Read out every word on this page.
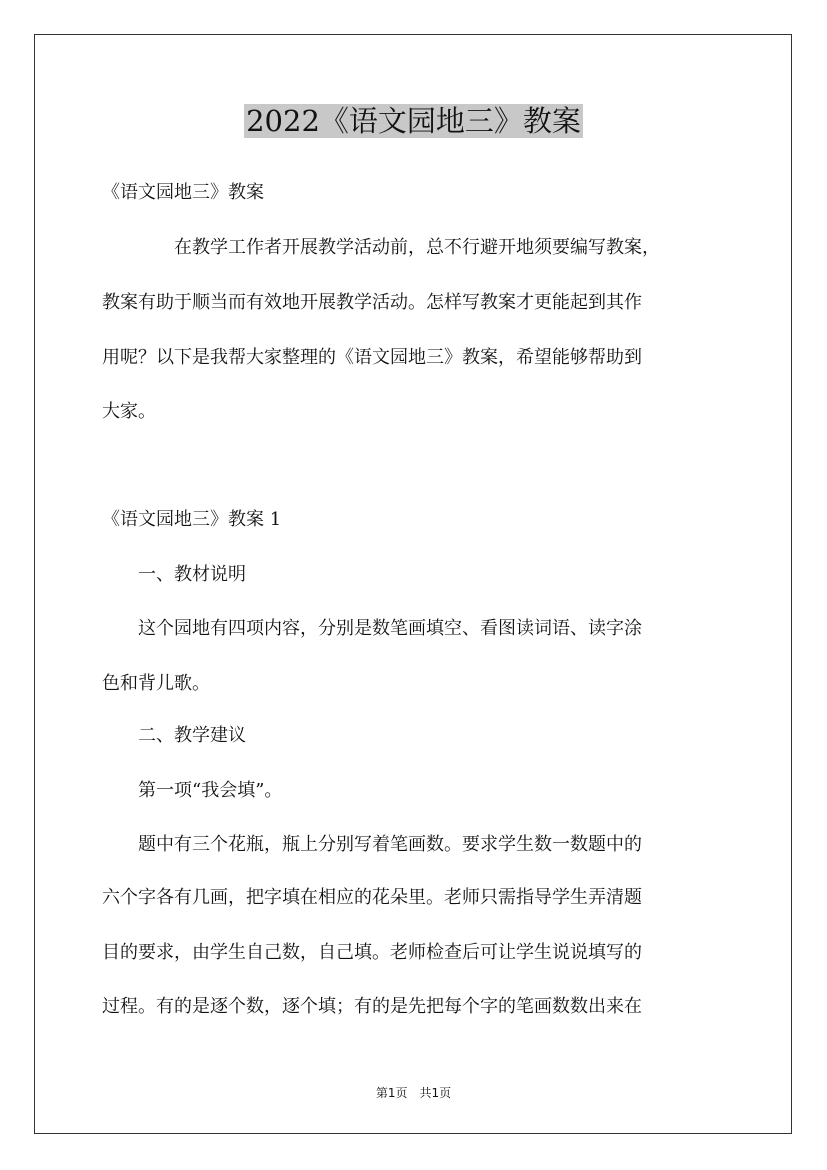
2022《语文园地三》教案
《语文园地三》教案
　　　　在教学工作者开展教学活动前，总不行避开地须要编写教案，
教案有助于顺当而有效地开展教学活动。怎样写教案才更能起到其作
用呢？以下是我帮大家整理的《语文园地三》教案，希望能够帮助到
大家。
《语文园地三》教案 1
　　一、教材说明
　　这个园地有四项内容，分别是数笔画填空、看图读词语、读字涂
色和背儿歌。
　　二、教学建议
　　第一项“我会填”。
　　题中有三个花瓶，瓶上分别写着笔画数。要求学生数一数题中的
六个字各有几画，把字填在相应的花朵里。老师只需指导学生弄清题
目的要求，由学生自己数，自己填。老师检查后可让学生说说填写的
过程。有的是逐个数，逐个填；有的是先把每个字的笔画数数出来在
第1页　共1页
